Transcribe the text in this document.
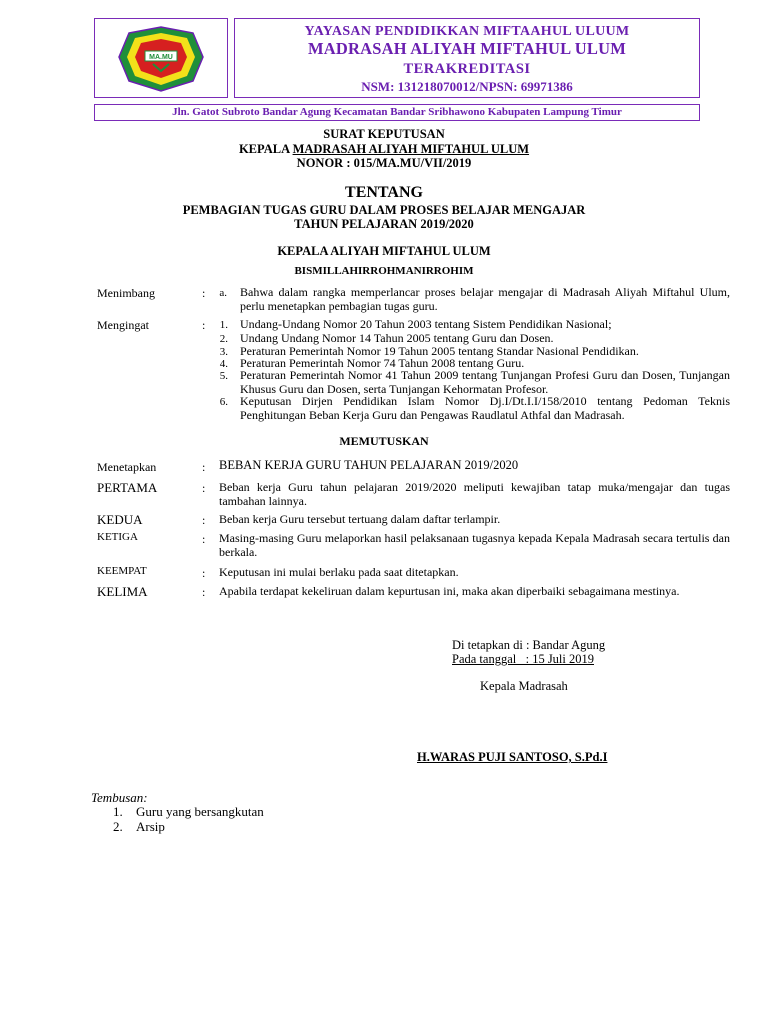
MA.MU
YAYASAN PENDIDIKKAN MIFTAAHUL ULUUM
MADRASAH ALIYAH MIFTAHUL ULUM
TERAKREDITASI
NSM: 131218070012/NPSN: 69971386
Jln. Gatot Subroto Bandar Agung Kecamatan Bandar Sribhawono Kabupaten Lampung Timur
SURAT KEPUTUSAN
KEPALA MADRASAH ALIYAH MIFTAHUL ULUM
NONOR : 015/MA.MU/VII/2019
TENTANG
PEMBAGIAN TUGAS GURU DALAM PROSES BELAJAR MENGAJAR
TAHUN PELAJARAN 2019/2020
KEPALA ALIYAH MIFTAHUL ULUM
BISMILLAHIRROHMANIRROHIM
Menimbang	:	a. Bahwa dalam rangka memperlancar proses belajar mengajar di Madrasah Aliyah Miftahul Ulum, perlu menetapkan pembagian tugas guru.
Mengingat	:	1. Undang-Undang Nomor 20 Tahun 2003 tentang Sistem Pendidikan Nasional;
2. Undang Undang Nomor 14 Tahun 2005 tentang Guru dan Dosen.
3. Peraturan Pemerintah Nomor 19 Tahun 2005 tentang Standar Nasional Pendidikan.
4. Peraturan Pemerintah Nomor 74 Tahun 2008 tentang Guru.
5. Peraturan Pemerintah Nomor 41 Tahun 2009 tentang Tunjangan Profesi Guru dan Dosen, Tunjangan Khusus Guru dan Dosen, serta Tunjangan Kehormatan Profesor.
6. Keputusan Dirjen Pendidikan Islam Nomor Dj.I/Dt.I.I/158/2010 tentang Pedoman Teknis Penghitungan Beban Kerja Guru dan Pengawas Raudlatul Athfal dan Madrasah.
MEMUTUSKAN
Menetapkan	: BEBAN KERJA GURU TAHUN PELAJARAN 2019/2020
PERTAMA	: Beban kerja Guru tahun pelajaran 2019/2020 meliputi kewajiban tatap muka/mengajar dan tugas tambahan lainnya.
KEDUA	: Beban kerja Guru tersebut tertuang dalam daftar terlampir.
KETIGA	: Masing-masing Guru melaporkan hasil pelaksanaan tugasnya kepada Kepala Madrasah secara tertulis dan berkala.
KEEMPAT	: Keputusan ini mulai berlaku pada saat ditetapkan.
KELIMA	: Apabila terdapat kekeliruan dalam kepurtusan ini, maka akan diperbaiki sebagaimana mestinya.
Di tetapkan di : Bandar Agung
Pada tanggal   : 15 Juli 2019
Kepala Madrasah
H.WARAS PUJI SANTOSO, S.Pd.I
Tembusan:
1. Guru yang bersangkutan
2. Arsip
